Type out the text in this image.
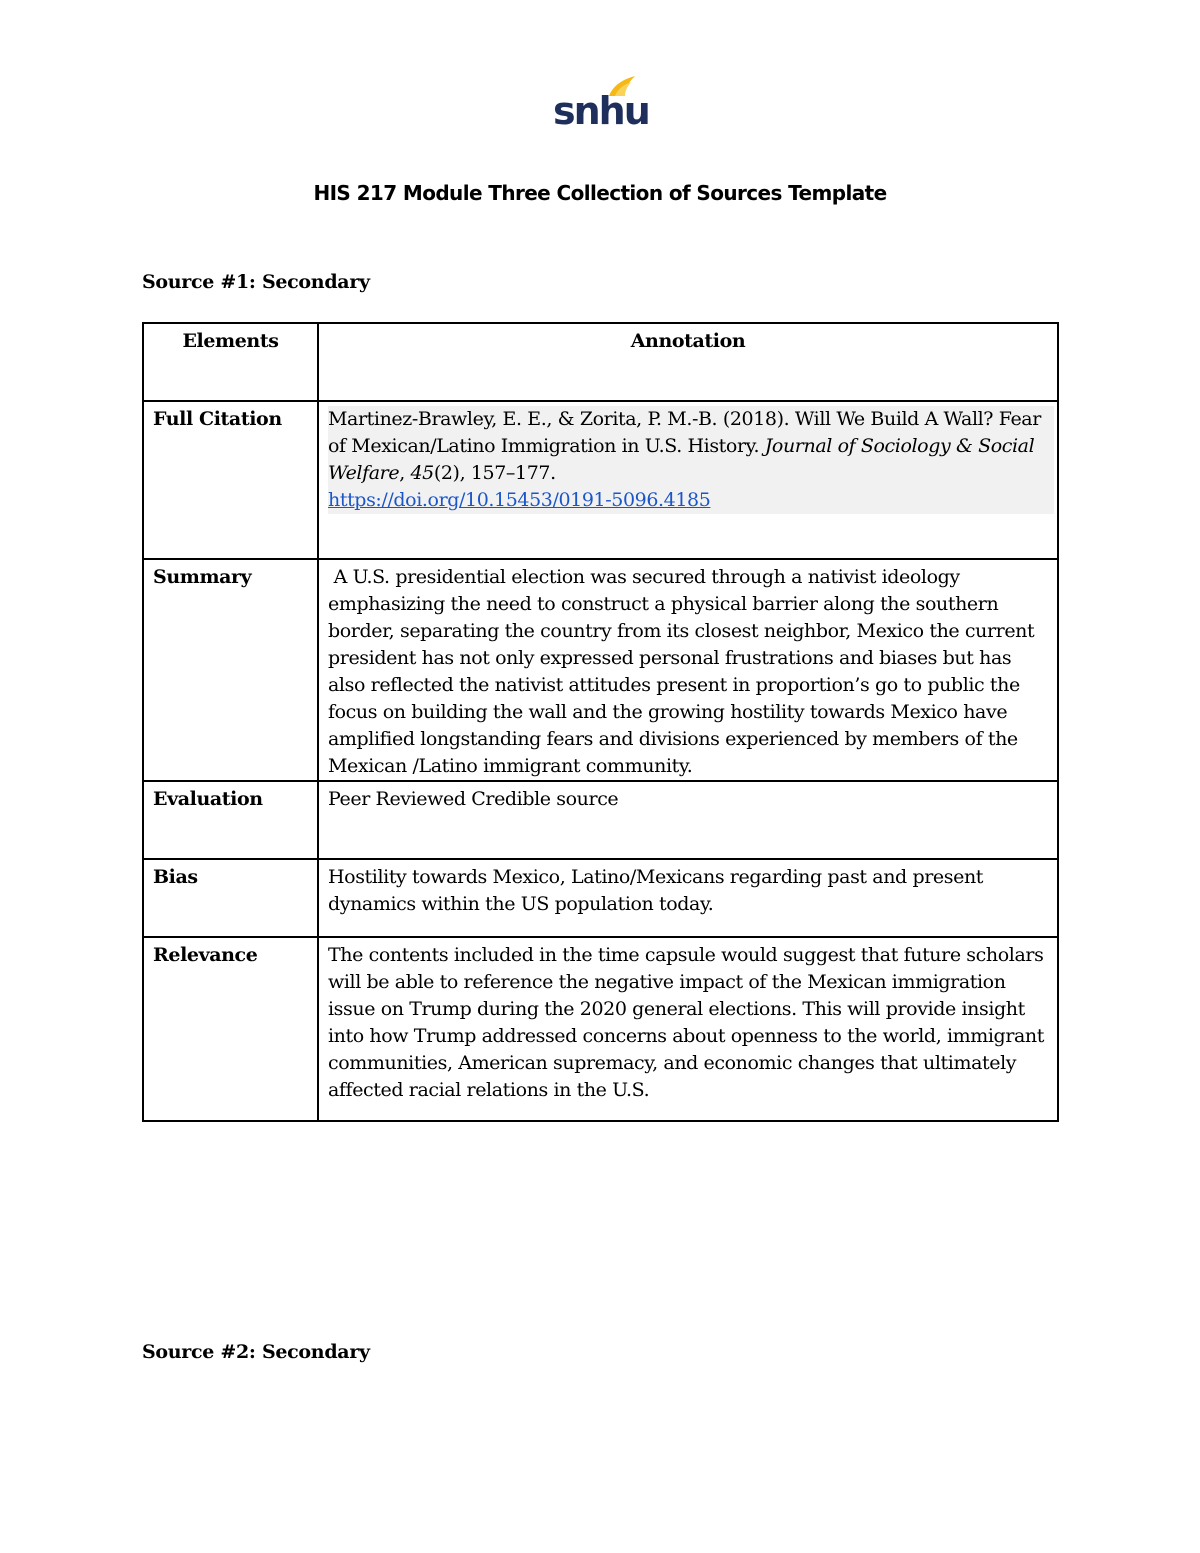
snhu
HIS 217 Module Three Collection of Sources Template
Source #1: Secondary
Elements	Annotation
Full Citation	Martinez-Brawley, E. E., & Zorita, P. M.-B. (2018). Will We Build A Wall? Fear of Mexican/Latino Immigration in U.S. History. Journal of Sociology & Social Welfare, 45(2), 157–177.
https://doi.org/10.15453/0191-5096.4185

Summary	A U.S. presidential election was secured through a nativist ideology emphasizing the need to construct a physical barrier along the southern border, separating the country from its closest neighbor, Mexico the current president has not only expressed personal frustrations and biases but has also reflected the nativist attitudes present in proportion’s go to public the focus on building the wall and the growing hostility towards Mexico have amplified longstanding fears and divisions experienced by members of the Mexican /Latino immigrant community.
Evaluation	Peer Reviewed Credible source
Bias	Hostility towards Mexico, Latino/Mexicans regarding past and present dynamics within the US population today.
Relevance	The contents included in the time capsule would suggest that future scholars will be able to reference the negative impact of the Mexican immigration issue on Trump during the 2020 general elections. This will provide insight into how Trump addressed concerns about openness to the world, immigrant communities, American supremacy, and economic changes that ultimately affected racial relations in the U.S.
Source #2: Secondary
